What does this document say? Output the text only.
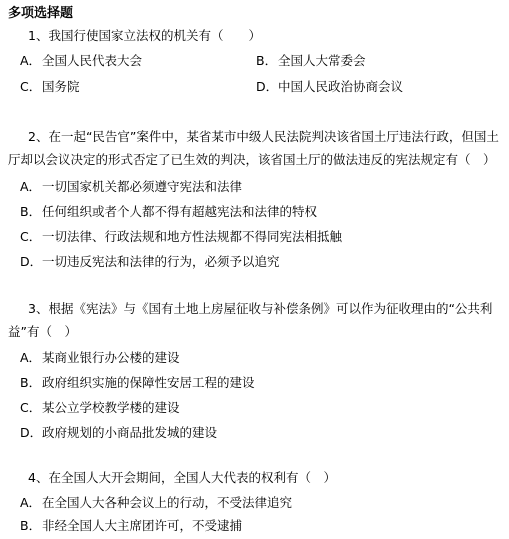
多项选择题
1、我国行使国家立法权的机关有（　　）
A．全国人民代表大会	B．全国人大常委会
C．国务院	D．中国人民政治协商会议
2、在一起“民告官”案件中，某省某市中级人民法院判决该省国土厅违法行政，但国土厅却以会议决定的形式否定了已生效的判决，该省国土厅的做法违反的宪法规定有（　）
A．一切国家机关都必须遵守宪法和法律
B．任何组织或者个人都不得有超越宪法和法律的特权
C．一切法律、行政法规和地方性法规都不得同宪法相抵触
D．一切违反宪法和法律的行为，必须予以追究
3、根据《宪法》与《国有土地上房屋征收与补偿条例》可以作为征收理由的“公共利益”有（　）
A．某商业银行办公楼的建设
B．政府组织实施的保障性安居工程的建设
C．某公立学校教学楼的建设
D．政府规划的小商品批发城的建设
4、在全国人大开会期间，全国人大代表的权利有（　）
A．在全国人大各种会议上的行动，不受法律追究
B．非经全国人大主席团许可，不受逮捕
